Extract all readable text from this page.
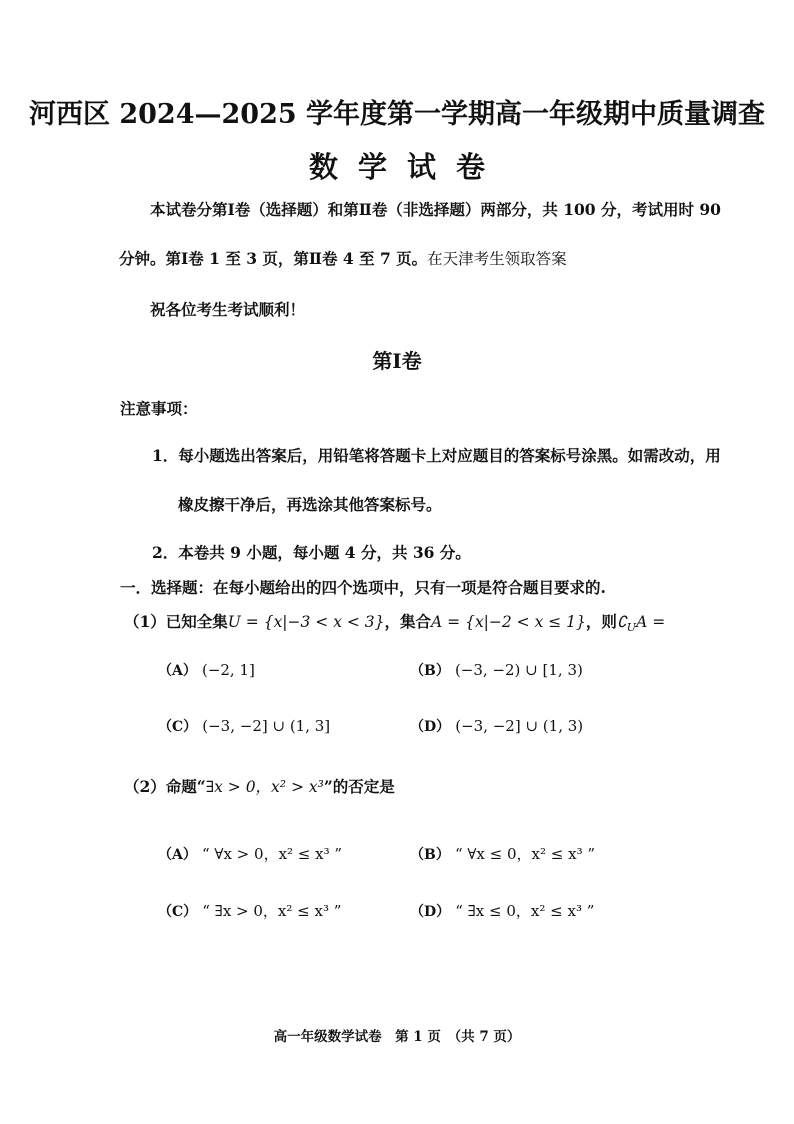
河西区 2024—2025 学年度第一学期高一年级期中质量调查
数学试卷
本试卷分第Ⅰ卷（选择题）和第Ⅱ卷（非选择题）两部分，共 100 分，考试用时 90
分钟。第Ⅰ卷 1 至 3 页，第Ⅱ卷 4 至 7 页。在天津考生领取答案
祝各位考生考试顺利！
第Ⅰ卷
注意事项：
1．每小题选出答案后，用铅笔将答题卡上对应题目的答案标号涂黑。如需改动，用
橡皮擦干净后，再选涂其他答案标号。
2．本卷共 9 小题，每小题 4 分，共 36 分。
一．选择题：在每小题给出的四个选项中，只有一项是符合题目要求的.
（1）已知全集U = {x|−3 < x < 3}，集合A = {x|−2 < x ≤ 1}，则$∁_UA$ =
（A） (−2, 1]	（B） (−3, −2) ∪ [1, 3)
（C） (−3, −2] ∪ (1, 3]	（D） (−3, −2] ∪ (1, 3)
（2）命题“∃x > 0，x² > x³”的否定是
（A） “ ∀x > 0，x² ≤ x³ ”	（B） “ ∀x ≤ 0，x² ≤ x³ ”
（C） “ ∃x > 0，x² ≤ x³ ”	（D） “ ∃x ≤ 0，x² ≤ x³ ”
高一年级数学试卷　第 1 页　（共 7 页）
